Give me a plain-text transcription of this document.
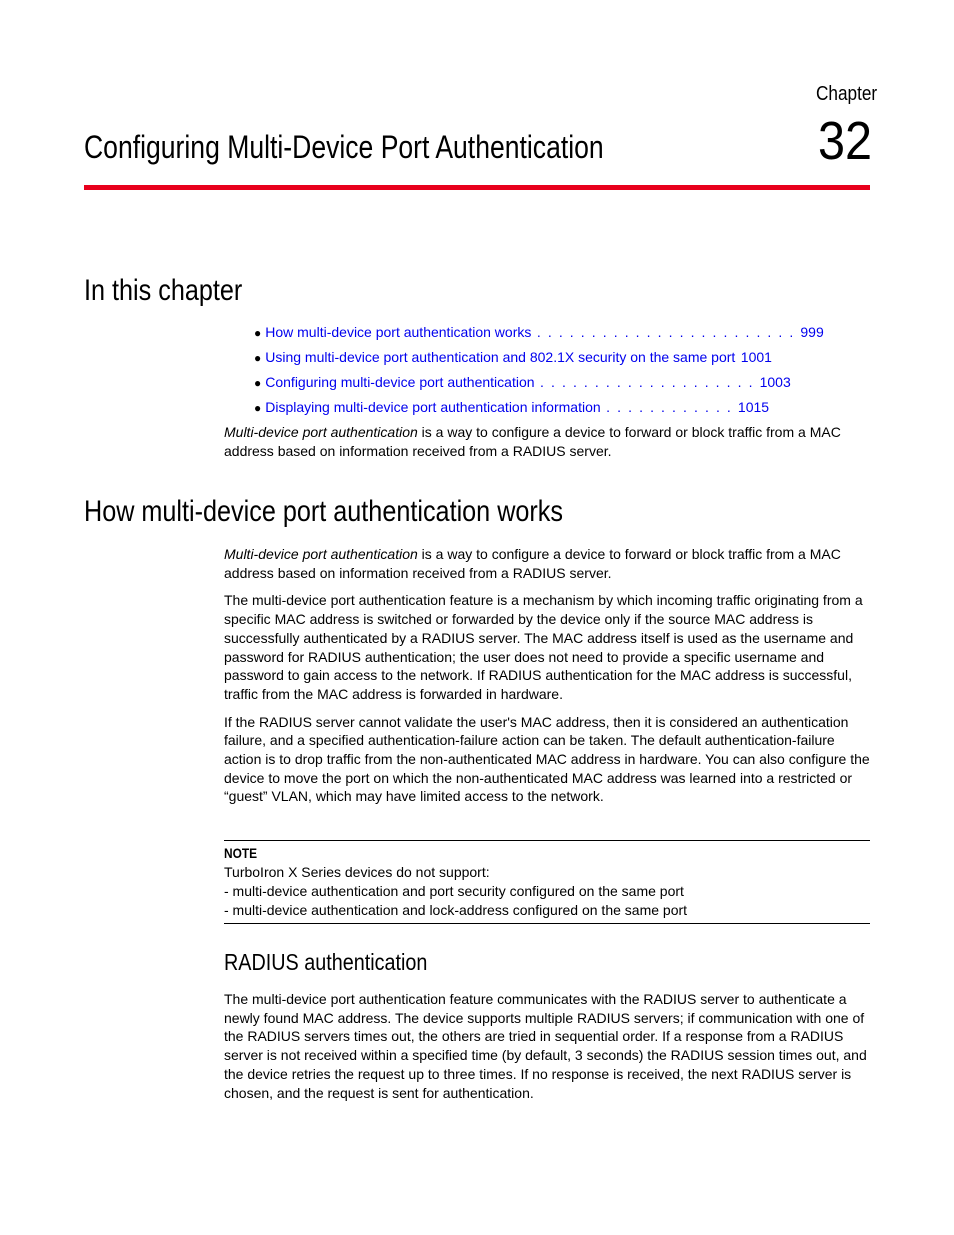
Chapter
32
Configuring Multi-Device Port Authentication
In this chapter
● How multi-device port authentication works . . . . . . . . . . . . . . . . . . . . . . . . 999
● Using multi-device port authentication and 802.1X security on the same port 1001
● Configuring multi-device port authentication . . . . . . . . . . . . . . . . . . . . 1003
● Displaying multi-device port authentication information . . . . . . . . . . . . 1015

Multi-device port authentication is a way to configure a device to forward or block traffic from a MAC address based on information received from a RADIUS server.

How multi-device port authentication works

Multi-device port authentication is a way to configure a device to forward or block traffic from a MAC address based on information received from a RADIUS server.

The multi-device port authentication feature is a mechanism by which incoming traffic originating from a specific MAC address is switched or forwarded by the device only if the source MAC address is successfully authenticated by a RADIUS server. The MAC address itself is used as the username and password for RADIUS authentication; the user does not need to provide a specific username and password to gain access to the network. If RADIUS authentication for the MAC address is successful, traffic from the MAC address is forwarded in hardware.

If the RADIUS server cannot validate the user's MAC address, then it is considered an authentication failure, and a specified authentication-failure action can be taken. The default authentication-failure action is to drop traffic from the non-authenticated MAC address in hardware. You can also configure the device to move the port on which the non-authenticated MAC address was learned into a restricted or “guest” VLAN, which may have limited access to the network.

NOTE
TurboIron X Series devices do not support:
- multi-device authentication and port security configured on the same port
- multi-device authentication and lock-address configured on the same port
RADIUS authentication

The multi-device port authentication feature communicates with the RADIUS server to authenticate a newly found MAC address. The device supports multiple RADIUS servers; if communication with one of the RADIUS servers times out, the others are tried in sequential order. If a response from a RADIUS server is not received within a specified time (by default, 3 seconds) the RADIUS session times out, and the device retries the request up to three times. If no response is received, the next RADIUS server is chosen, and the request is sent for authentication.
